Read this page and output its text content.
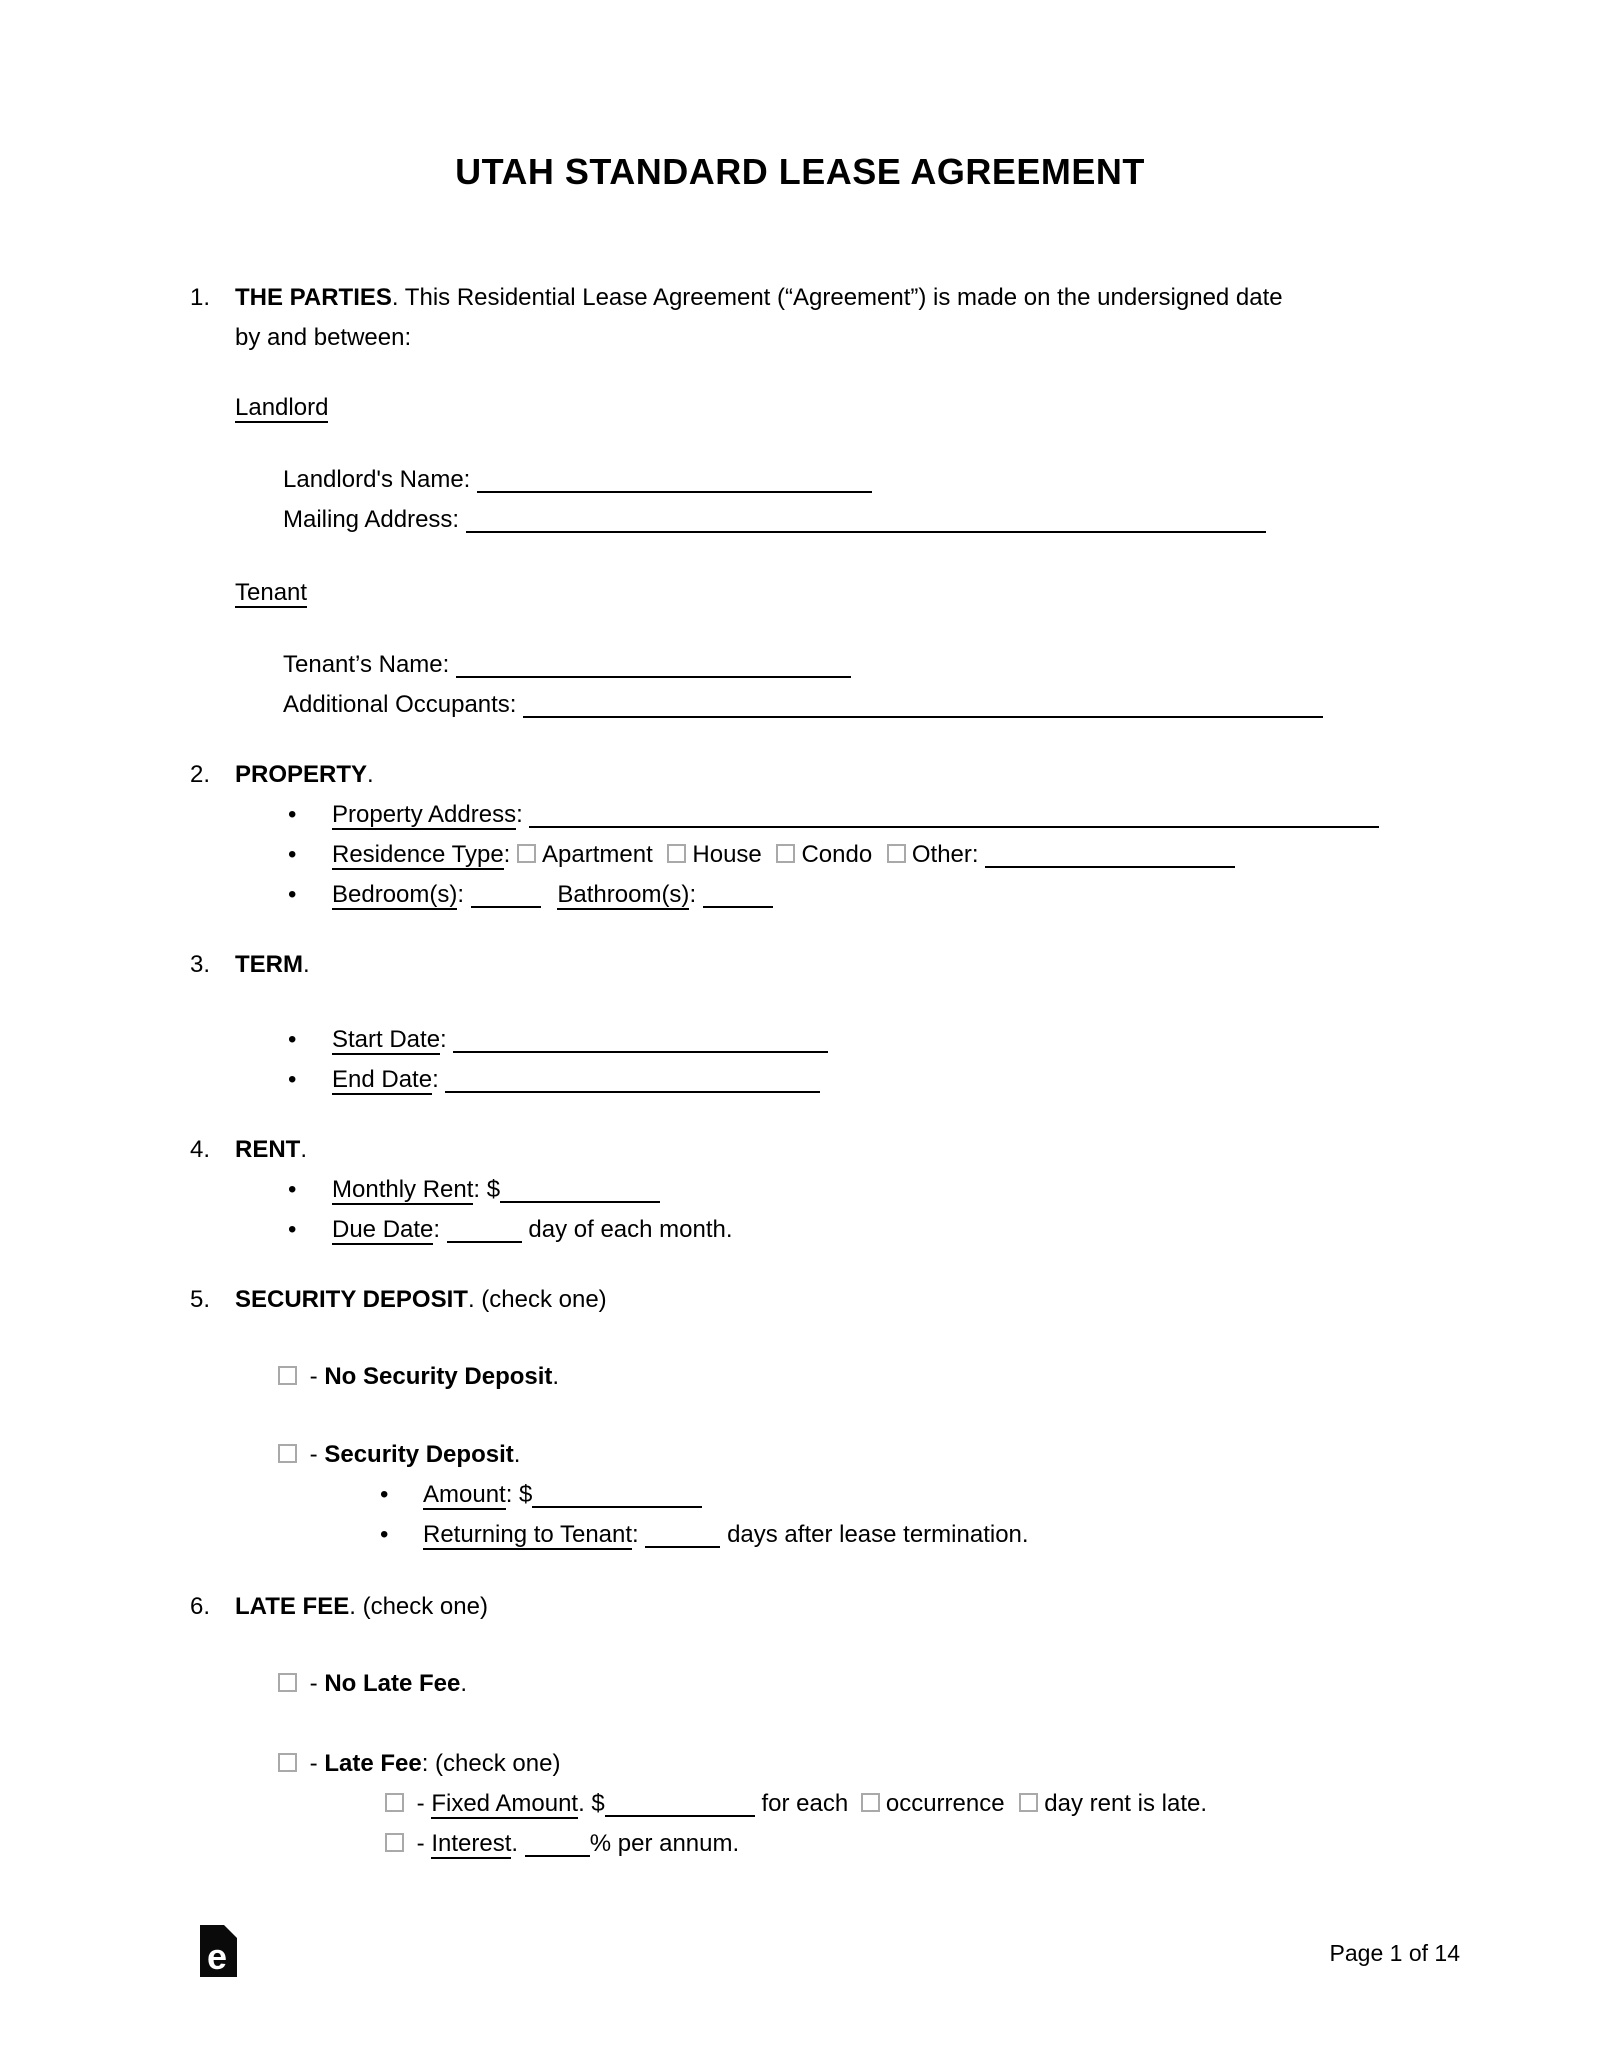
UTAH STANDARD LEASE AGREEMENT
1.	THE PARTIES. This Residential Lease Agreement (“Agreement”) is made on the undersigned date by and between:
Landlord
Landlord's Name:
Mailing Address:
Tenant
Tenant’s Name:
Additional Occupants:
2.	PROPERTY.
•	Property Address:
•	Residence Type: Apartment House Condo Other:
•	Bedroom(s):	Bathroom(s):
3.	TERM.
•	Start Date:
•	End Date:
4.	RENT.
•	Monthly Rent: $
•	Due Date:	day of each month.
5.	SECURITY DEPOSIT. (check one)
- No Security Deposit.
- Security Deposit.
•	Amount: $
•	Returning to Tenant:	days after lease termination.
6.	LATE FEE. (check one)
- No Late Fee.
- Late Fee: (check one)
- Fixed Amount. $	for each occurrence day rent is late.
- Interest.	% per annum.
e	Page 1 of 14
